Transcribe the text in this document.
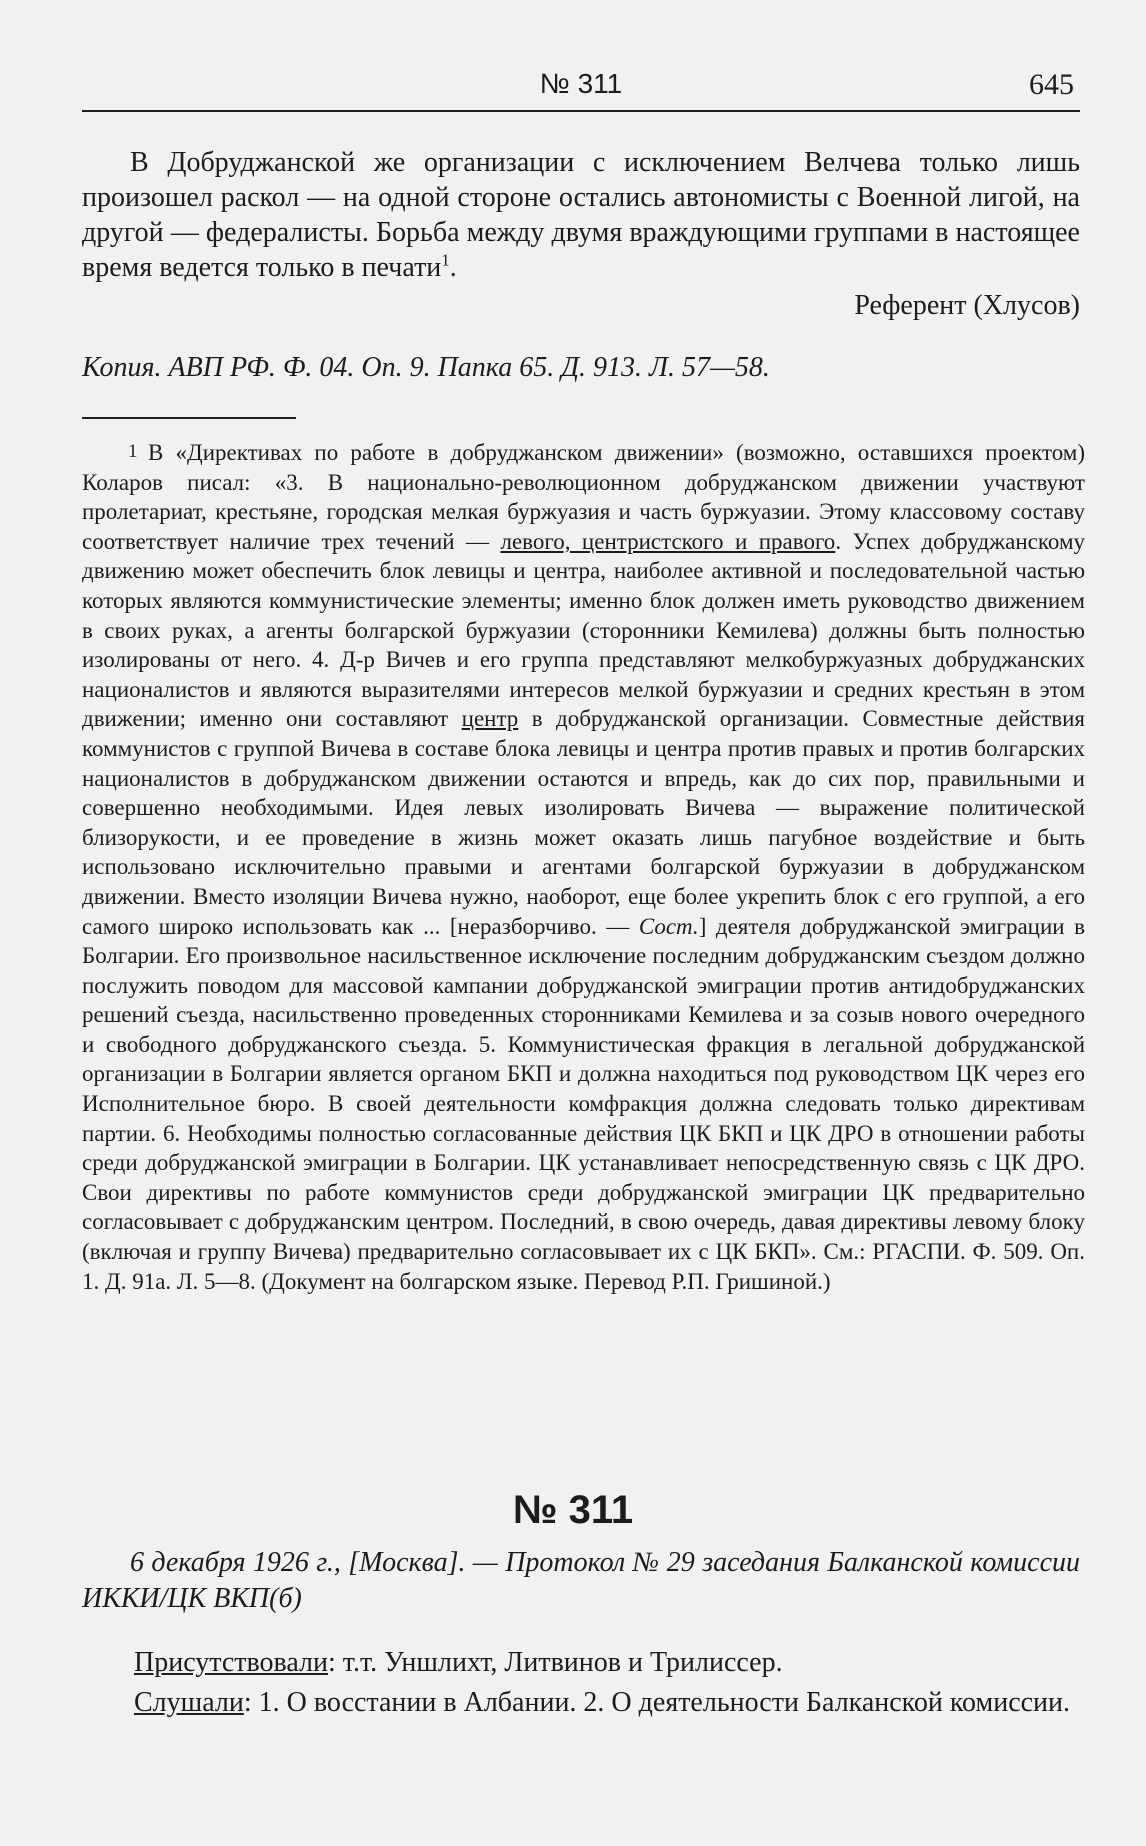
№ 311	645

В Добруджанской же организации с исключением Велчева только лишь произошел раскол — на одной стороне остались автономисты с Военной лигой, на другой — федералисты. Борьба между двумя враждующими группами в настоящее время ведется только в печати$^1$.

Референт (Хлусов)

Копия. АВП РФ. Ф. 04. Оп. 9. Папка 65. Д. 913. Л. 57—58.

1 В «Директивах по работе в добруджанском движении» (возможно, оставшихся проектом) Коларов писал: «3. В национально-революционном добруджанском движении участвуют пролетариат, крестьяне, городская мелкая буржуазия и часть буржуазии. Этому классовому составу соответствует наличие трех течений — левого, центристского и правого. Успех добруджанскому движению может обеспечить блок левицы и центра, наиболее активной и последовательной частью которых являются коммунистические элементы; именно блок должен иметь руководство движением в своих руках, а агенты болгарской буржуазии (сторонники Кемилева) должны быть полностью изолированы от него. 4. Д-р Вичев и его группа представляют мелкобуржуазных добруджанских националистов и являются выразителями интересов мелкой буржуазии и средних крестьян в этом движении; именно они составляют центр в добруджанской организации. Совместные действия коммунистов с группой Вичева в составе блока левицы и центра против правых и против болгарских националистов в добруджанском движении остаются и впредь, как до сих пор, правильными и совершенно необходимыми. Идея левых изолировать Вичева — выражение политической близорукости, и ее проведение в жизнь может оказать лишь пагубное воздействие и быть использовано исключительно правыми и агентами болгарской буржуазии в добруджанском движении. Вместо изоляции Вичева нужно, наоборот, еще более укрепить блок с его группой, а его самого широко использовать как ... [неразборчиво. — Сост.] деятеля добруджанской эмиграции в Болгарии. Его произвольное насильственное исключение последним добруджанским съездом должно послужить поводом для массовой кампании добруджанской эмиграции против антидобруджанских решений съезда, насильственно проведенных сторонниками Кемилева и за созыв нового очередного и свободного добруджанского съезда. 5. Коммунистическая фракция в легальной добруджанской организации в Болгарии является органом БКП и должна находиться под руководством ЦК через его Исполнительное бюро. В своей деятельности комфракция должна следовать только директивам партии. 6. Необходимы полностью согласованные действия ЦК БКП и ЦК ДРО в отношении работы среди добруджанской эмиграции в Болгарии. ЦК устанавливает непосредственную связь с ЦК ДРО. Свои директивы по работе коммунистов среди добруджанской эмиграции ЦК предварительно согласовывает с добруджанским центром. Последний, в свою очередь, давая директивы левому блоку (включая и группу Вичева) предварительно согласовывает их с ЦК БКП». См.: РГАСПИ. Ф. 509. Оп. 1. Д. 91а. Л. 5—8. (Документ на болгарском языке. Перевод Р.П. Гришиной.)

№ 311

6 декабря 1926 г., [Москва]. — Протокол № 29 заседания Балканской комиссии ИККИ/ЦК ВКП(б)

Присутствовали: т.т. Уншлихт, Литвинов и Трилиссер.

Слушали: 1. О восстании в Албании. 2. О деятельности Балканской комиссии.
